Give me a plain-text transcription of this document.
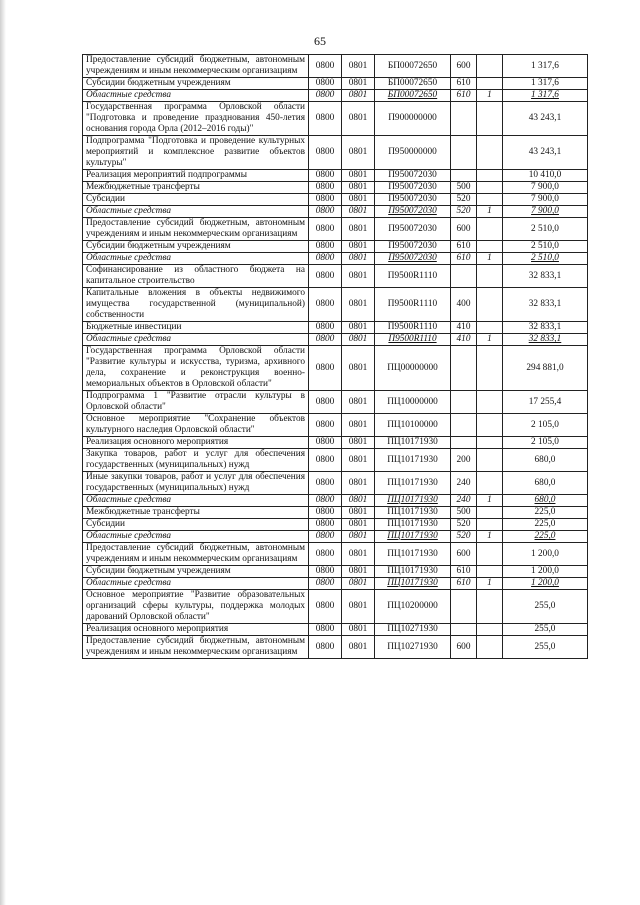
65
Предоставление субсидий бюджетным, автономным учреждениям и иным некоммерческим организациям	0800	0801	БП00072650	600		1 317,6
Субсидии бюджетным учреждениям	0800	0801	БП00072650	610		1 317,6
Областные средства	0800	0801	БП00072650	610	1	1 317,6
Государственная программа Орловской области "Подготовка и проведение празднования 450-летия основания города Орла (2012–2016 годы)"	0800	0801	П900000000			43 243,1
Подпрограмма "Подготовка и проведение культурных мероприятий и комплексное развитие объектов культуры"	0800	0801	П950000000			43 243,1
Реализация мероприятий подпрограммы	0800	0801	П950072030			10 410,0
Межбюджетные трансферты	0800	0801	П950072030	500		7 900,0
Субсидии	0800	0801	П950072030	520		7 900,0
Областные средства	0800	0801	П950072030	520	1	7 900,0
Предоставление субсидий бюджетным, автономным учреждениям и иным некоммерческим организациям	0800	0801	П950072030	600		2 510,0
Субсидии бюджетным учреждениям	0800	0801	П950072030	610		2 510,0
Областные средства	0800	0801	П950072030	610	1	2 510,0
Софинансирование из областного бюджета на капитальное строительство	0800	0801	П9500R1110			32 833,1
Капитальные вложения в объекты недвижимого имущества государственной (муниципальной) собственности	0800	0801	П9500R1110	400		32 833,1
Бюджетные инвестиции	0800	0801	П9500R1110	410		32 833,1
Областные средства	0800	0801	П9500R1110	410	1	32 833,1
Государственная программа Орловской области "Развитие культуры и искусства, туризма, архивного дела, сохранение и реконструкция военно-мемориальных объектов в Орловской области"	0800	0801	ПЦ00000000			294 881,0
Подпрограмма 1 "Развитие отрасли культуры в Орловской области"	0800	0801	ПЦ10000000			17 255,4
Основное мероприятие "Сохранение объектов культурного наследия Орловской области"	0800	0801	ПЦ10100000			2 105,0
Реализация основного мероприятия	0800	0801	ПЦ10171930			2 105,0
Закупка товаров, работ и услуг для обеспечения государственных (муниципальных) нужд	0800	0801	ПЦ10171930	200		680,0
Иные закупки товаров, работ и услуг для обеспечения государственных (муниципальных) нужд	0800	0801	ПЦ10171930	240		680,0
Областные средства	0800	0801	ПЦ10171930	240	1	680,0
Межбюджетные трансферты	0800	0801	ПЦ10171930	500		225,0
Субсидии	0800	0801	ПЦ10171930	520		225,0
Областные средства	0800	0801	ПЦ10171930	520	1	225,0
Предоставление субсидий бюджетным, автономным учреждениям и иным некоммерческим организациям	0800	0801	ПЦ10171930	600		1 200,0
Субсидии бюджетным учреждениям	0800	0801	ПЦ10171930	610		1 200,0
Областные средства	0800	0801	ПЦ10171930	610	1	1 200,0
Основное мероприятие "Развитие образовательных организаций сферы культуры, поддержка молодых дарований Орловской области"	0800	0801	ПЦ10200000			255,0
Реализация основного мероприятия	0800	0801	ПЦ10271930			255,0
Предоставление субсидий бюджетным, автономным учреждениям и иным некоммерческим организациям	0800	0801	ПЦ10271930	600		255,0
